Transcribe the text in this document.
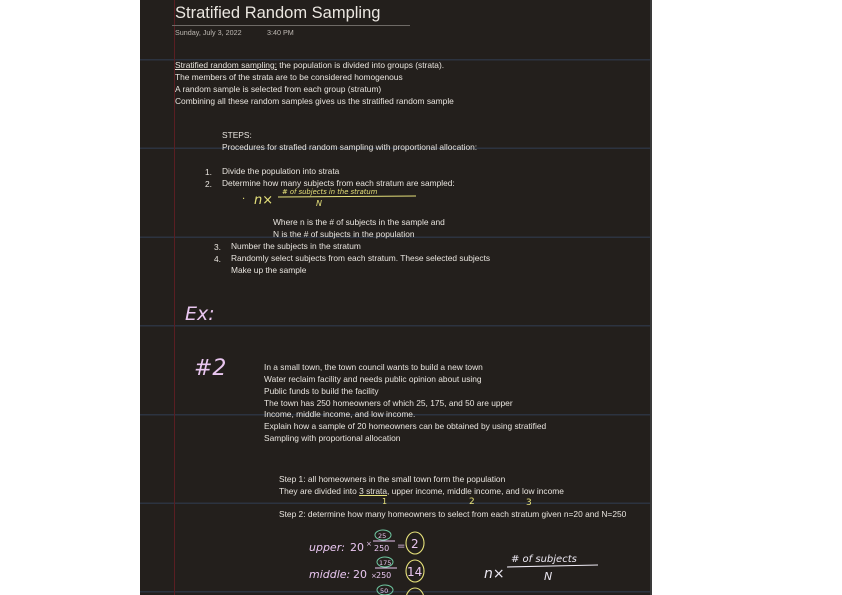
Stratified Random Sampling
Sunday, July 3, 2022	3:40 PM
Stratified random sampling: the population is divided into groups (strata).
The members of the strata are to be considered homogenous
A random sample is selected from each group (stratum)
Combining all these random samples gives us the stratified random sample
STEPS:
Procedures for strafied random sampling with proportional allocation:
1. Divide the population into strata
2. Determine how many subjects from each stratum are sampled:
· n×
# of subjects in the stratum
N
Where n is the # of subjects in the sample and
N is the # of subjects in the population
3. Number the subjects in the stratum
4. Randomly select subjects from each stratum. These selected subjects
Make up the sample
Ex:
#2	In a small town, the town council wants to build a new town
Water reclaim facility and needs public opinion about using
Public funds to build the facility
The town has 250 homeowners of which 25, 175, and 50 are upper
Income, middle income, and low income.
Explain how a sample of 20 homeowners can be obtained by using stratified
Sampling with proportional allocation
Step 1: all homeowners in the small town form the population
They are divided into 3 strata, upper income, middle income, and low income
1	2	3
Step 2: determine how many homeowners to select from each stratum given n=20 and N=250
upper: 20 ×
25
250 = 2
middle: 20 ×
175
250 14
50
n×
# of subjects
N
